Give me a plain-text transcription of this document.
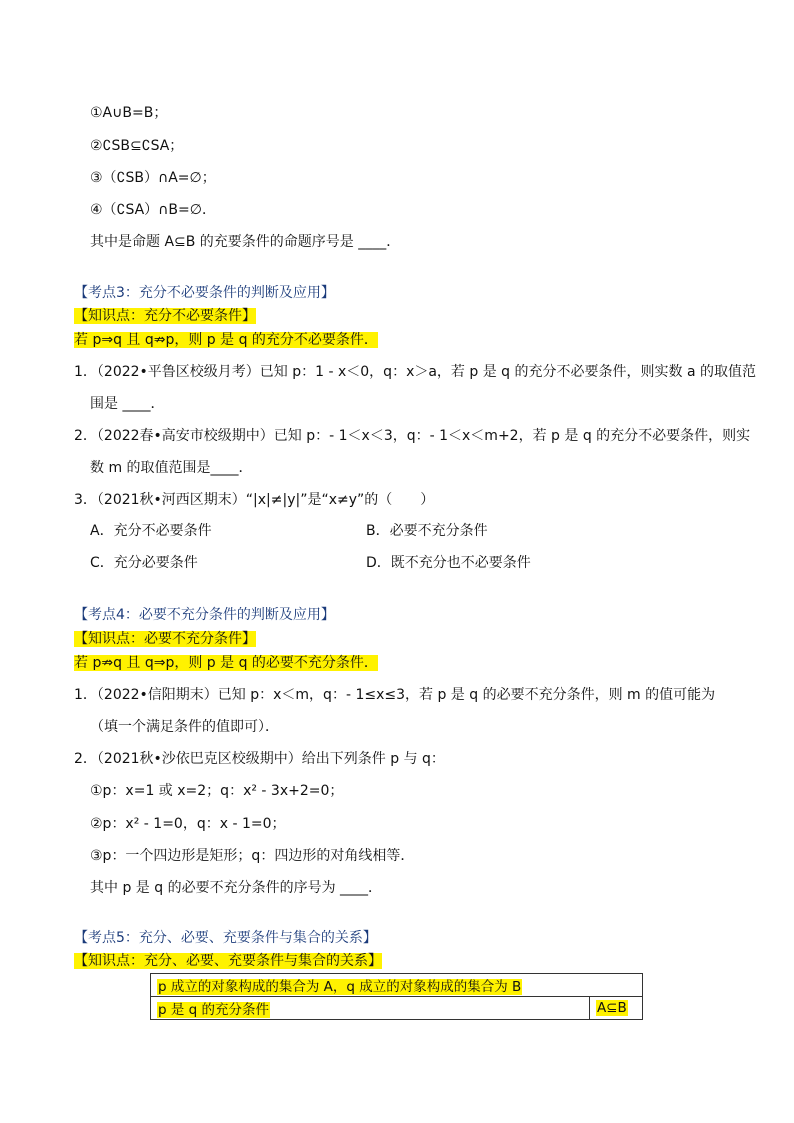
①A∪B=B；
②∁SB⊆∁SA；
③（∁SB）∩A=∅；
④（∁SA）∩B=∅．
其中是命题 A⊆B 的充要条件的命题序号是 ____．
【考点3：充分不必要条件的判断及应用】
【知识点：充分不必要条件】
若 p⇒q 且 q⇏p，则 p 是 q 的充分不必要条件．
1．（2022•平鲁区校级月考）已知 p：1 - x＜0，q：x＞a，若 p 是 q 的充分不必要条件，则实数 a 的取值范
围是 ____．
2．（2022春•高安市校级期中）已知 p：- 1＜x＜3，q：- 1＜x＜m+2，若 p 是 q 的充分不必要条件，则实
数 m 的取值范围是____．
3．（2021秋•河西区期末）“|x|≠|y|”是“x≠y”的（　　）
A．充分不必要条件	B．必要不充分条件
C．充分必要条件	D．既不充分也不必要条件
【考点4：必要不充分条件的判断及应用】
【知识点：必要不充分条件】
若 p⇏q 且 q⇒p，则 p 是 q 的必要不充分条件．
1．（2022•信阳期末）已知 p：x＜m，q：- 1≤x≤3，若 p 是 q 的必要不充分条件，则 m 的值可能为
（填一个满足条件的值即可）．
2．（2021秋•沙依巴克区校级期中）给出下列条件 p 与 q：
①p：x=1 或 x=2；q：x² - 3x+2=0；
②p：x² - 1=0，q：x - 1=0；
③p：一个四边形是矩形；q：四边形的对角线相等．
其中 p 是 q 的必要不充分条件的序号为 ____．
【考点5：充分、必要、充要条件与集合的关系】
【知识点：充分、必要、充要条件与集合的关系】
p 成立的对象构成的集合为 A，q 成立的对象构成的集合为 B
p 是 q 的充分条件	A⊆B
